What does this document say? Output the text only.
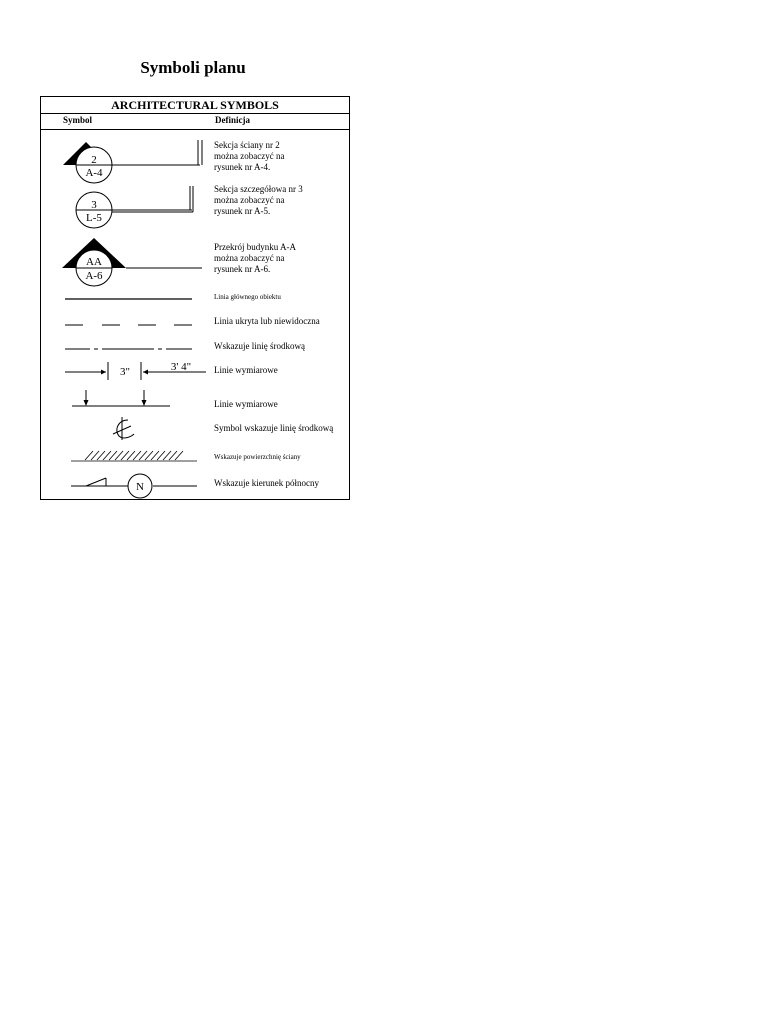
Symboli planu
ARCHITECTURAL SYMBOLS
Symbol	Definicja
2
A-4
3
L-5
AA
A-6
3"	3' 4"
N
Sekcja ściany nr 2
można zobaczyć na
rysunek nr A-4.
Sekcja szczegółowa nr 3
można zobaczyć na
rysunek nr A-5.
Przekrój budynku A-A
można zobaczyć na
rysunek nr A-6.
Linia głównego obiektu
Linia ukryta lub niewidoczna
Wskazuje linię środkową
Linie wymiarowe
Linie wymiarowe
Symbol wskazuje linię środkową
Wskazuje powierzchnię ściany
Wskazuje kierunek północny
